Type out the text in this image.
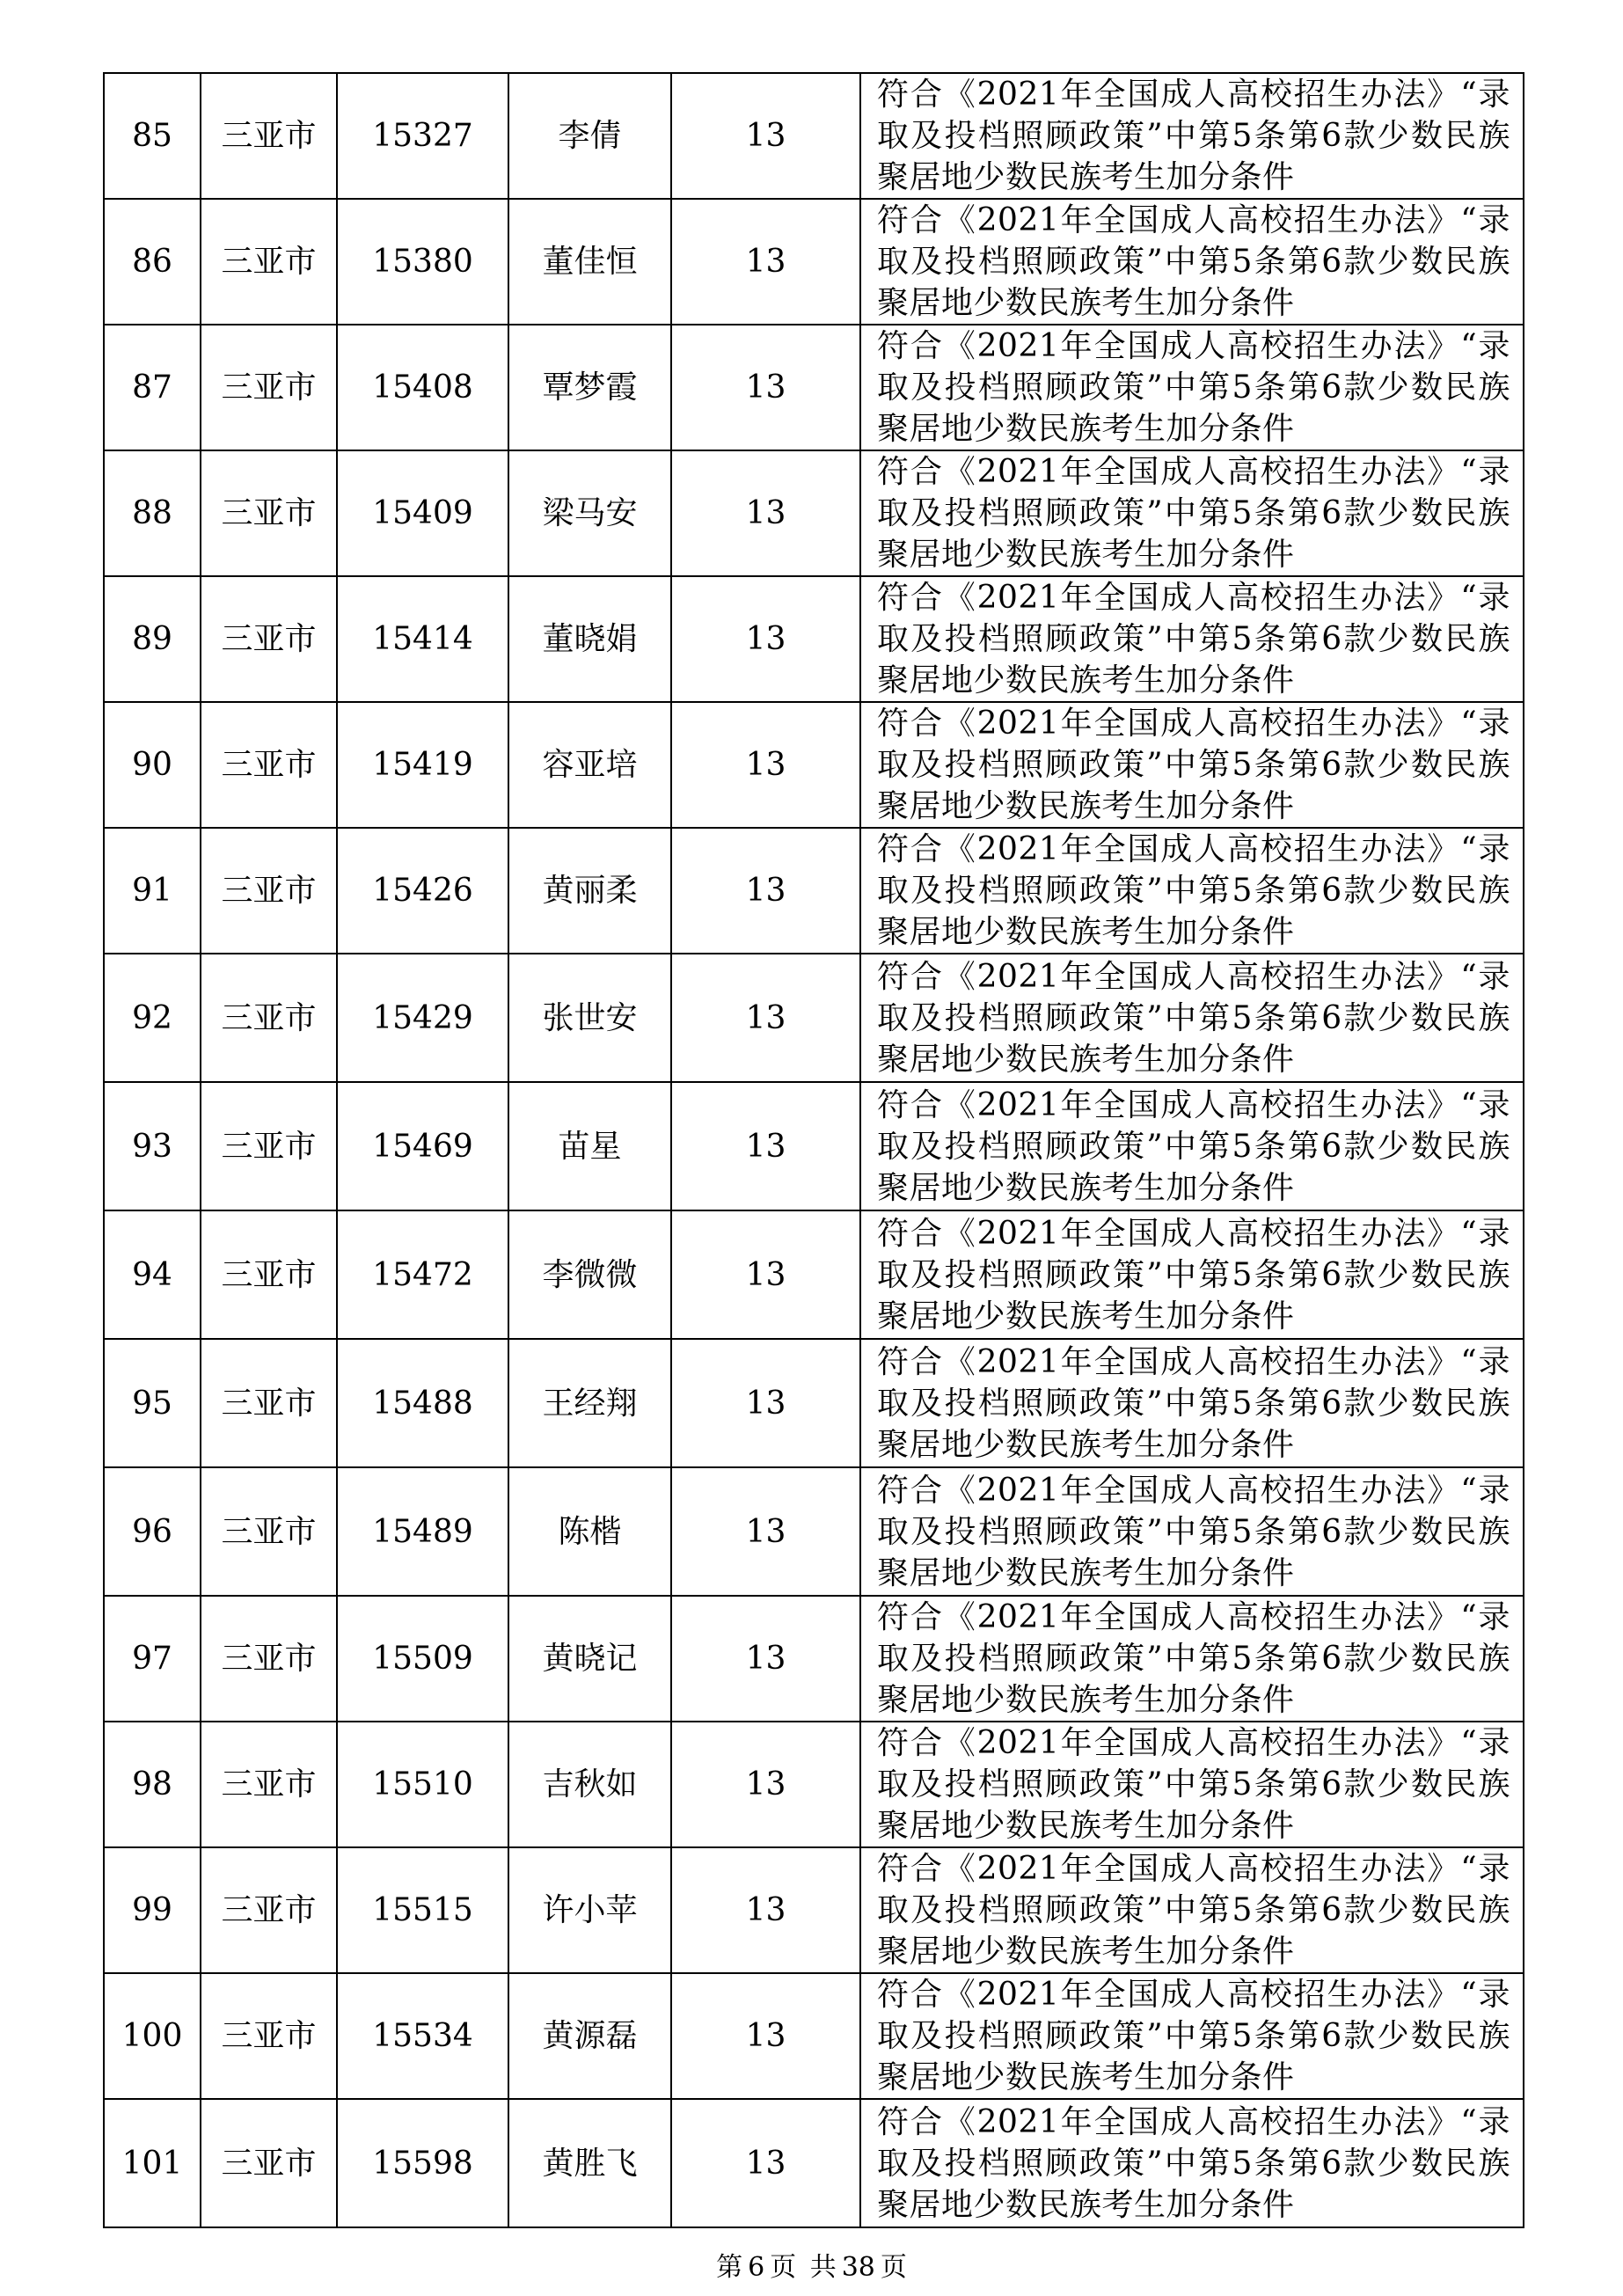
85	三亚市	15327	李倩	13	符合《2021年全国成人高校招生办法》“录取及投档照顾政策”中第5条第6款少数民族聚居地少数民族考生加分条件
86	三亚市	15380	董佳恒	13	符合《2021年全国成人高校招生办法》“录取及投档照顾政策”中第5条第6款少数民族聚居地少数民族考生加分条件
87	三亚市	15408	覃梦霞	13	符合《2021年全国成人高校招生办法》“录取及投档照顾政策”中第5条第6款少数民族聚居地少数民族考生加分条件
88	三亚市	15409	梁马安	13	符合《2021年全国成人高校招生办法》“录取及投档照顾政策”中第5条第6款少数民族聚居地少数民族考生加分条件
89	三亚市	15414	董晓娟	13	符合《2021年全国成人高校招生办法》“录取及投档照顾政策”中第5条第6款少数民族聚居地少数民族考生加分条件
90	三亚市	15419	容亚培	13	符合《2021年全国成人高校招生办法》“录取及投档照顾政策”中第5条第6款少数民族聚居地少数民族考生加分条件
91	三亚市	15426	黄丽柔	13	符合《2021年全国成人高校招生办法》“录取及投档照顾政策”中第5条第6款少数民族聚居地少数民族考生加分条件
92	三亚市	15429	张世安	13	符合《2021年全国成人高校招生办法》“录取及投档照顾政策”中第5条第6款少数民族聚居地少数民族考生加分条件
93	三亚市	15469	苗星	13	符合《2021年全国成人高校招生办法》“录取及投档照顾政策”中第5条第6款少数民族聚居地少数民族考生加分条件
94	三亚市	15472	李微微	13	符合《2021年全国成人高校招生办法》“录取及投档照顾政策”中第5条第6款少数民族聚居地少数民族考生加分条件
95	三亚市	15488	王经翔	13	符合《2021年全国成人高校招生办法》“录取及投档照顾政策”中第5条第6款少数民族聚居地少数民族考生加分条件
96	三亚市	15489	陈楷	13	符合《2021年全国成人高校招生办法》“录取及投档照顾政策”中第5条第6款少数民族聚居地少数民族考生加分条件
97	三亚市	15509	黄晓记	13	符合《2021年全国成人高校招生办法》“录取及投档照顾政策”中第5条第6款少数民族聚居地少数民族考生加分条件
98	三亚市	15510	吉秋如	13	符合《2021年全国成人高校招生办法》“录取及投档照顾政策”中第5条第6款少数民族聚居地少数民族考生加分条件
99	三亚市	15515	许小苹	13	符合《2021年全国成人高校招生办法》“录取及投档照顾政策”中第5条第6款少数民族聚居地少数民族考生加分条件
100	三亚市	15534	黄源磊	13	符合《2021年全国成人高校招生办法》“录取及投档照顾政策”中第5条第6款少数民族聚居地少数民族考生加分条件
101	三亚市	15598	黄胜飞	13	符合《2021年全国成人高校招生办法》“录取及投档照顾政策”中第5条第6款少数民族聚居地少数民族考生加分条件
第 6 页 共 38 页
